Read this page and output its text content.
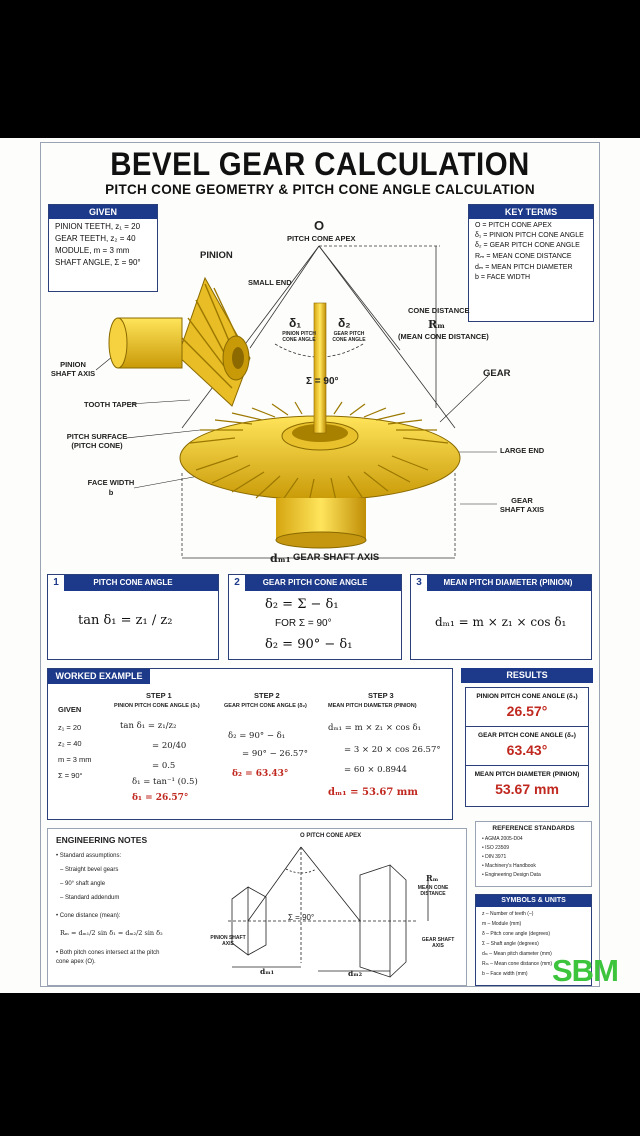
BEVEL GEAR CALCULATION
PITCH CONE GEOMETRY & PITCH CONE ANGLE CALCULATION
GIVEN
PINION TEETH, z₁ = 20
GEAR TEETH, z₂ = 40
MODULE, m = 3 mm
SHAFT ANGLE, Σ = 90°
KEY TERMS
O = PITCH CONE APEX
δ₁ = PINION PITCH CONE ANGLE
δ₂ = GEAR PITCH CONE ANGLE
Rₘ = MEAN CONE DISTANCE
dₘ = MEAN PITCH DIAMETER
b = FACE WIDTH
O
PITCH CONE APEX
PINION
SMALL END
δ₁	δ₂
PINION PITCH CONE ANGLE
GEAR PITCH CONE ANGLE
Σ = 90°
CONE DISTANCE
Rₘ
(MEAN CONE DISTANCE)
GEAR
PINION SHAFT AXIS
TOOTH TAPER
PITCH SURFACE (PITCH CONE)
FACE WIDTH b
LARGE END
GEAR SHAFT AXIS
dₘ₁ GEAR SHAFT AXIS
1	PITCH CONE ANGLE
tan δ₁ = z₁ / z₂
2	GEAR PITCH CONE ANGLE
δ₂ = Σ − δ₁
FOR Σ = 90°
δ₂ = 90° − δ₁
3	MEAN PITCH DIAMETER (PINION)
dₘ₁ = m × z₁ × cos δ₁
WORKED EXAMPLE
GIVEN
z₁ = 20
z₂ = 40
m = 3 mm
Σ = 90°
STEP 1
PINION PITCH CONE ANGLE (δ₁)
tan δ₁ = z₁/z₂
= 20/40
= 0.5
δ₁ = tan⁻¹ (0.5)
δ₁ = 26.57°
STEP 2
GEAR PITCH CONE ANGLE (δ₂)
δ₂ = 90° − δ₁
= 90° − 26.57°
δ₂ = 63.43°
STEP 3
MEAN PITCH DIAMETER (PINION)
dₘ₁ = m × z₁ × cos δ₁
= 3 × 20 × cos 26.57°
= 60 × 0.8944
dₘ₁ = 53.67 mm
RESULTS
PINION PITCH CONE ANGLE (δ₁)
26.57°
GEAR PITCH CONE ANGLE (δ₂)
63.43°
MEAN PITCH DIAMETER (PINION)
53.67 mm
ENGINEERING NOTES
• Standard assumptions:
– Straight bevel gears
– 90° shaft angle
– Standard addendum
• Cone distance (mean):
Rₘ = dₘ₁/2 sin δ₁ = dₘ₂/2 sin δ₂
• Both pitch cones intersect at the pitch cone apex (O).
O PITCH CONE APEX
Σ = 90°
PINION SHAFT AXIS
Rₘ
MEAN CONE DISTANCE
GEAR SHAFT AXIS
dₘ₁	dₘ₂
REFERENCE STANDARDS
• AGMA 2005-D04
• ISO 23509
• DIN 3971
• Machinery's Handbook
• Engineering Design Data
SYMBOLS & UNITS
z – Number of teeth (–)
m – Module (mm)
δ – Pitch cone angle (degrees)
Σ – Shaft angle (degrees)
dₘ – Mean pitch diameter (mm)
Rₘ – Mean cone distance (mm)
b – Face width (mm) SBM
